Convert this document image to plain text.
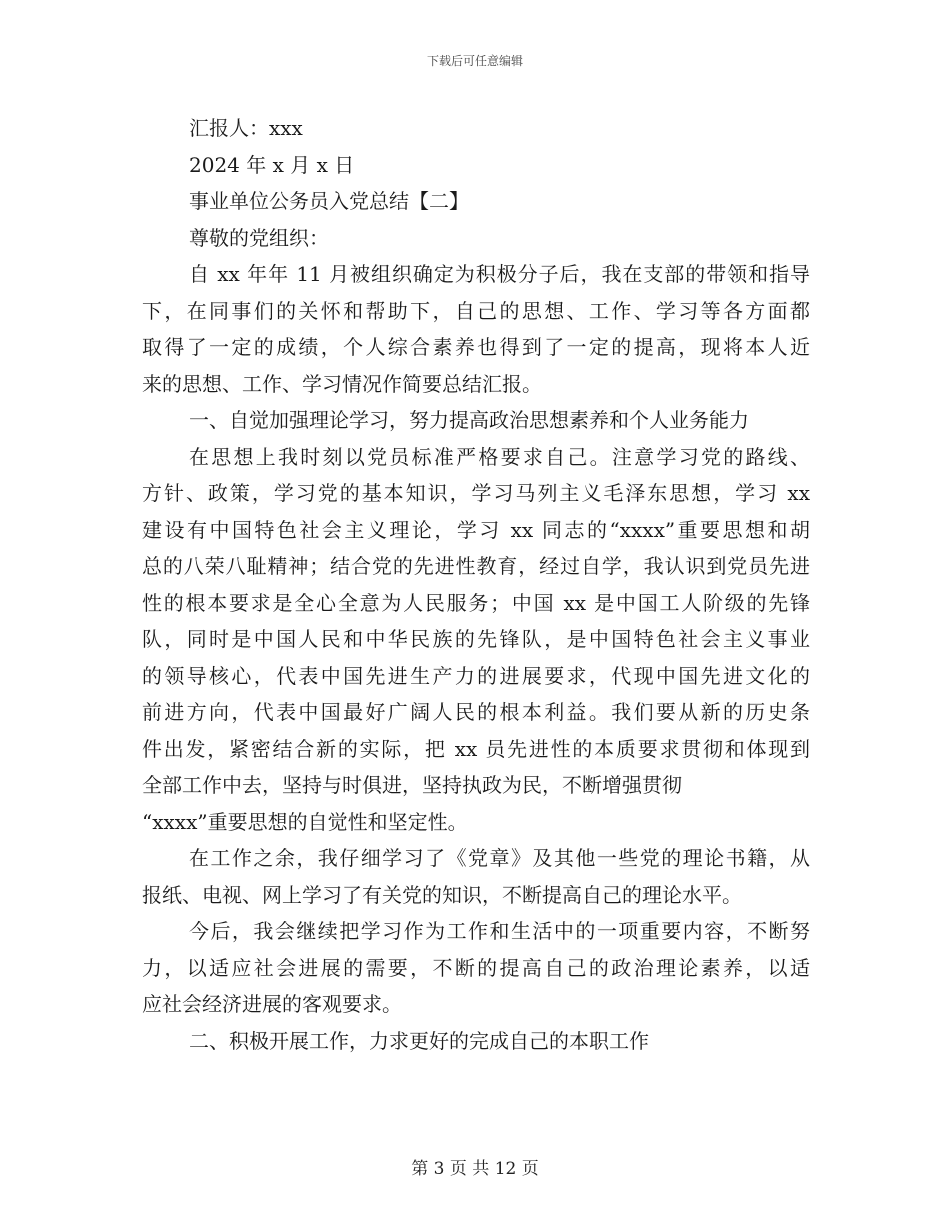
下载后可任意编辑

汇报人：xxx

2024 年 x 月 x 日

事业单位公务员入党总结【二】

尊敬的党组织：

自 xx 年年 11 月被组织确定为积极分子后，我在支部的带领和指导

下，在同事们的关怀和帮助下，自己的思想、工作、学习等各方面都

取得了一定的成绩，个人综合素养也得到了一定的提高，现将本人近

来的思想、工作、学习情况作简要总结汇报。

一、自觉加强理论学习，努力提高政治思想素养和个人业务能力

在思想上我时刻以党员标准严格要求自己。注意学习党的路线、

方针、政策，学习党的基本知识，学习马列主义毛泽东思想，学习 xx

建设有中国特色社会主义理论，学习 xx 同志的“xxxx”重要思想和胡

总的八荣八耻精神；结合党的先进性教育，经过自学，我认识到党员先进

性的根本要求是全心全意为人民服务；中国 xx 是中国工人阶级的先锋

队，同时是中国人民和中华民族的先锋队，是中国特色社会主义事业

的领导核心，代表中国先进生产力的进展要求，代现中国先进文化的

前进方向，代表中国最好广阔人民的根本利益。我们要从新的历史条

件出发，紧密结合新的实际，把 xx 员先进性的本质要求贯彻和体现到

全部工作中去，坚持与时俱进，坚持执政为民，不断增强贯彻

“xxxx”重要思想的自觉性和坚定性。

在工作之余，我仔细学习了《党章》及其他一些党的理论书籍，从

报纸、电视、网上学习了有关党的知识，不断提高自己的理论水平。

今后，我会继续把学习作为工作和生活中的一项重要内容，不断努

力，以适应社会进展的需要，不断的提高自己的政治理论素养，以适

应社会经济进展的客观要求。

二、积极开展工作，力求更好的完成自己的本职工作

第 3 页 共 12 页
